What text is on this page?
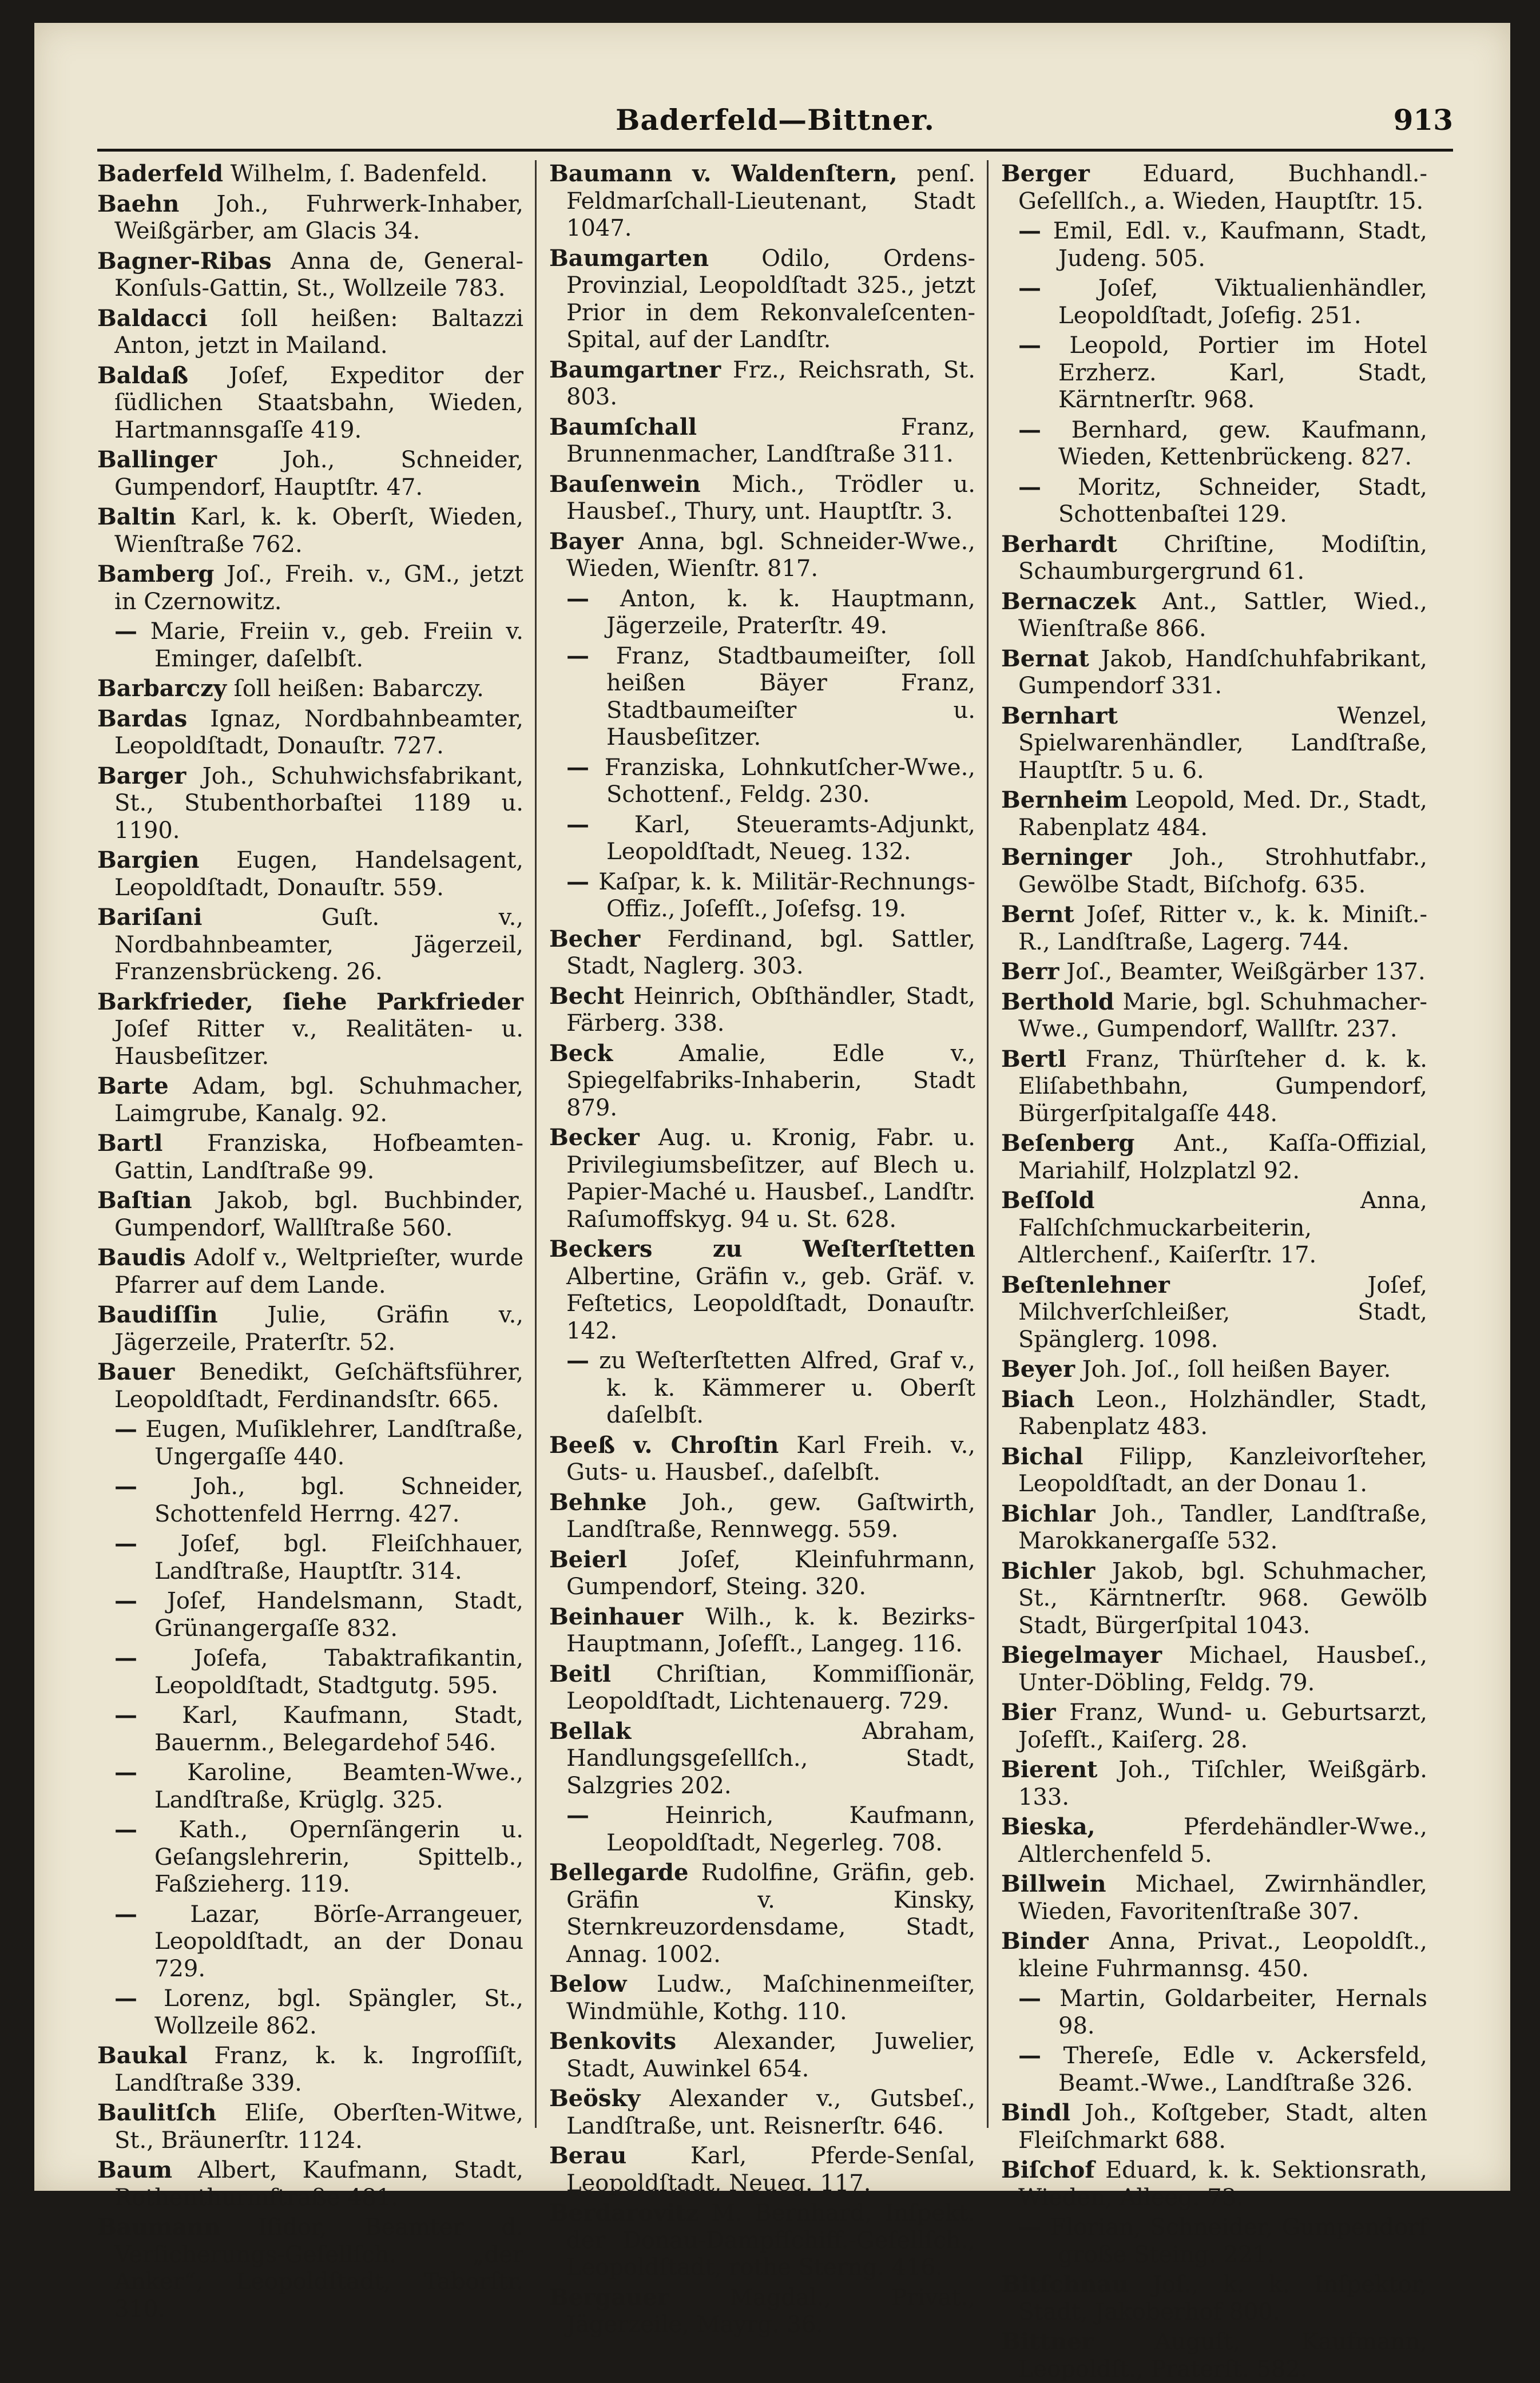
Baderfeld—Bittner.	913

Baderfeld Wilhelm, ſ. Badenfeld.

Baehn Joh., Fuhrwerk-Inhaber, Weißgärber, am Glacis 34.

Bagner-Ribas Anna de, General-Konſuls-Gattin, St., Wollzeile 783.

Baldacci ſoll heißen: Baltazzi Anton, jetzt in Mailand.

Baldaß Joſef, Expeditor der ſüdlichen Staatsbahn, Wieden, Hartmannsgaſſe 419.

Ballinger	Joh., Schneider, Gumpendorf, Hauptſtr. 47.

Baltin Karl, k. k. Oberſt, Wieden, Wienſtraße 762.

Bamberg Joſ., Freih. v., GM., jetzt in Czernowitz.

— Marie, Freiin v., geb. Freiin v. Eminger, daſelbſt.

Barbarczy ſoll heißen: Babarczy.

Bardas Ignaz, Nordbahnbeamter, Leopoldſtadt, Donauſtr. 727.

Barger Joh., Schuhwichsfabrikant, St., Stubenthorbaſtei 1189 u. 1190.

Bargien Eugen, Handelsagent, Leopoldſtadt, Donauſtr. 559.

Bariſani	Guſt. v., Nordbahnbeamter, Jägerzeil, Franzensbrückeng. 26.

Barkfrieder, ſiehe Parkfrieder Joſef Ritter v., Realitäten- u. Hausbeſitzer.

Barte Adam, bgl. Schuhmacher, Laimgrube, Kanalg. 92.

Bartl Franziska, Hofbeamten-Gattin, Landſtraße 99.

Baſtian Jakob, bgl. Buchbinder, Gumpendorf, Wallſtraße 560.

Baudis Adolf v., Weltprieſter, wurde Pfarrer auf dem Lande.

Baudiſſin Julie, Gräfin v., Jägerzeile, Praterſtr. 52.

Bauer Benedikt, Geſchäftsführer, Leopoldſtadt, Ferdinandsſtr. 665.

— Eugen, Muſiklehrer, Landſtraße, Ungergaſſe 440.

— Joh., bgl. Schneider, Schottenfeld Herrng. 427.

— Joſef, bgl. Fleiſchhauer, Landſtraße, Hauptſtr. 314.

— Joſef, Handelsmann, Stadt, Grünangergaſſe 832.

— Joſefa, Tabaktrafikantin, Leopoldſtadt, Stadtgutg. 595.

— Karl, Kaufmann, Stadt, Bauernm., Belegardehof 546.

— Karoline, Beamten-Wwe., Landſtraße, Krüglg. 325.

— Kath., Opernſängerin u. Geſangslehrerin, Spittelb., Faßzieherg. 119.

— Lazar, Börſe-Arrangeuer, Leopoldſtadt, an der Donau 729.

— Lorenz, bgl. Spängler, St., Wollzeile 862.

Baukal Franz, k. k. Ingroſſiſt, Landſtraße 339.

Baulitſch Eliſe, Oberſten-Witwe, St., Bräunerſtr. 1124.

Baum Albert, Kaufmann, Stadt, Rothenthurmſtraße 481.

Baumann Iſidor, Beamter d. Verſicherungs-Geſellſch. „der Anker“, Leopoldſtadt, Taborſtr. 310.

Baumann v. Waldenſtern, penſ. Feldmarſchall-Lieutenant, Stadt 1047.

Baumgarten Odilo, Ordens-Provinzial, Leopoldſtadt 325., jetzt Prior in dem Rekonvaleſcenten-Spital, auf der Landſtr.

Baumgartner Frz., Reichsrath, St. 803.

Baumſchall	Franz, Brunnenmacher, Landſtraße 311.

Bauſenwein Mich., Trödler u. Hausbeſ., Thury, unt. Hauptſtr. 3.

Bayer Anna, bgl. Schneider-Wwe., Wieden, Wienſtr. 817.

— Anton, k. k. Hauptmann, Jägerzeile, Praterſtr. 49.

— Franz, Stadtbaumeiſter, ſoll heißen Bäyer Franz, Stadtbaumeiſter u. Hausbeſitzer.

— Franziska, Lohnkutſcher-Wwe., Schottenf., Feldg. 230.

— Karl, Steueramts-Adjunkt, Leopoldſtadt, Neueg. 132.

— Kaſpar, k. k. Militär-Rechnungs-Offiz., Joſefſt., Joſefsg. 19.

Becher Ferdinand, bgl. Sattler, Stadt, Naglerg. 303.

Becht Heinrich, Obſthändler, Stadt, Färberg. 338.

Beck	Amalie, Edle v., Spiegelfabriks-Inhaberin, Stadt 879.

Becker Aug. u. Kronig, Fabr. u. Privilegiumsbeſitzer, auf Blech u. Papier-Maché u. Hausbeſ., Landſtr. Raſumoffskyg. 94 u. St. 628.

Beckers zu Weſterſtetten Albertine, Gräfin v., geb. Gräf. v. Feſtetics, Leopoldſtadt, Donauſtr. 142.

— zu Weſterſtetten Alfred, Graf v., k. k. Kämmerer u. Oberſt daſelbſt.

Beeß v. Chroſtin Karl Freih. v., Guts- u. Hausbeſ., daſelbſt.

Behnke Joh., gew. Gaſtwirth, Landſtraße, Rennwegg. 559.

Beierl Joſef, Kleinfuhrmann, Gumpendorf, Steing. 320.

Beinhauer Wilh., k. k. Bezirks-Hauptmann, Joſefſt., Langeg. 116.

Beitl Chriſtian, Kommiſſionär, Leopoldſtadt, Lichtenauerg. 729.

Bellak	Abraham, Handlungsgeſellſch., Stadt, Salzgries 202.

—	Heinrich, Kaufmann, Leopoldſtadt, Negerleg. 708.

Bellegarde Rudolfine, Gräfin, geb. Gräfin v. Kinsky, Sternkreuzordensdame, Stadt, Annag. 1002.

Below Ludw., Maſchinenmeiſter, Windmühle, Kothg. 110.

Benkovits Alexander, Juwelier, Stadt, Auwinkel 654.

Beösky Alexander v., Gutsbeſ., Landſtraße, unt. Reisnerſtr. 646.

Berau	Karl, Pferde-Senſal, Leopoldſtadt, Neueg. 117.

Berdarovitz M. Bernhard, Inſpekt. der Donau-Dampfſchiff.-Geſellſch., Leopoldſtadt, rothe Sterng. 416.

Bergauer	Magdal., Privat., Jägerzeile, Mayrg. 36.

Berger Eduard, Buchhandl.-Geſellſch., a. Wieden, Hauptſtr. 15.

— Emil, Edl. v., Kaufmann, Stadt, Judeng. 505.

— Joſef, Viktualienhändler, Leopoldſtadt, Joſefig. 251.

— Leopold, Portier im Hotel Erzherz. Karl, Stadt, Kärntnerſtr. 968.

— Bernhard, gew. Kaufmann, Wieden, Kettenbrückeng. 827.

— Moritz, Schneider, Stadt, Schottenbaſtei 129.

Berhardt Chriſtine, Modiſtin, Schaumburgergrund 61.

Bernaczek Ant., Sattler, Wied., Wienſtraße 866.

Bernat Jakob, Handſchuhfabrikant, Gumpendorf 331.

Bernhart	Wenzel, Spielwarenhändler, Landſtraße, Hauptſtr. 5 u. 6.

Bernheim Leopold, Med. Dr., Stadt, Rabenplatz 484.

Berninger Joh., Strohhutfabr., Gewölbe Stadt, Biſchofg. 635.

Bernt Joſef, Ritter v., k. k. Miniſt.-R., Landſtraße, Lagerg. 744.

Berr Joſ., Beamter, Weißgärber 137.

Berthold Marie, bgl. Schuhmacher-Wwe., Gumpendorf, Wallſtr. 237.

Bertl Franz, Thürſteher d. k. k. Eliſabethbahn, Gumpendorf, Bürgerſpitalgaſſe 448.

Beſenberg Ant., Kaſſa-Offizial, Mariahilf, Holzplatzl 92.

Beſſold	Anna, Falſchſchmuckarbeiterin, Altlerchenf., Kaiſerſtr. 17.

Beſtenlehner	Joſef, Milchverſchleißer, Stadt, Spänglerg. 1098.

Beyer Joh. Joſ., ſoll heißen Bayer.

Biach Leon., Holzhändler, Stadt, Rabenplatz 483.

Bichal Filipp, Kanzleivorſteher, Leopoldſtadt, an der Donau 1.

Bichlar Joh., Tandler, Landſtraße, Marokkanergaſſe 532.

Bichler Jakob, bgl. Schuhmacher, St., Kärntnerſtr. 968. Gewölb Stadt, Bürgerſpital 1043.

Biegelmayer Michael, Hausbeſ., Unter-Döbling, Feldg. 79.

Bier Franz, Wund- u. Geburtsarzt, Joſefſt., Kaiſerg. 28.

Bierent Joh., Tiſchler, Weißgärb. 133.

Bieska,	Pferdehändler-Wwe., Altlerchenfeld 5.

Billwein Michael, Zwirnhändler, Wieden, Favoritenſtraße 307.

Binder Anna, Privat., Leopoldſt., kleine Fuhrmannsg. 450.

— Martin, Goldarbeiter, Hernals 98.

— Thereſe, Edle v. Ackersfeld, Beamt.-Wwe., Landſtraße 326.

Bindl Joh., Koſtgeber, Stadt, alten Fleiſchmarkt 688.

Biſchof Eduard, k. k. Sektionsrath, Wieden, Alleeg. 73.

— Florian, Schneider, Gumpendorf große Steing. 221.

Bitſchnau Joſ., k. k. Inſpektor, Stadt, Jakoberhof 800.

Bittner	Auguſt, Kaufmann, Leopoldſt., Praterſt. 582.
